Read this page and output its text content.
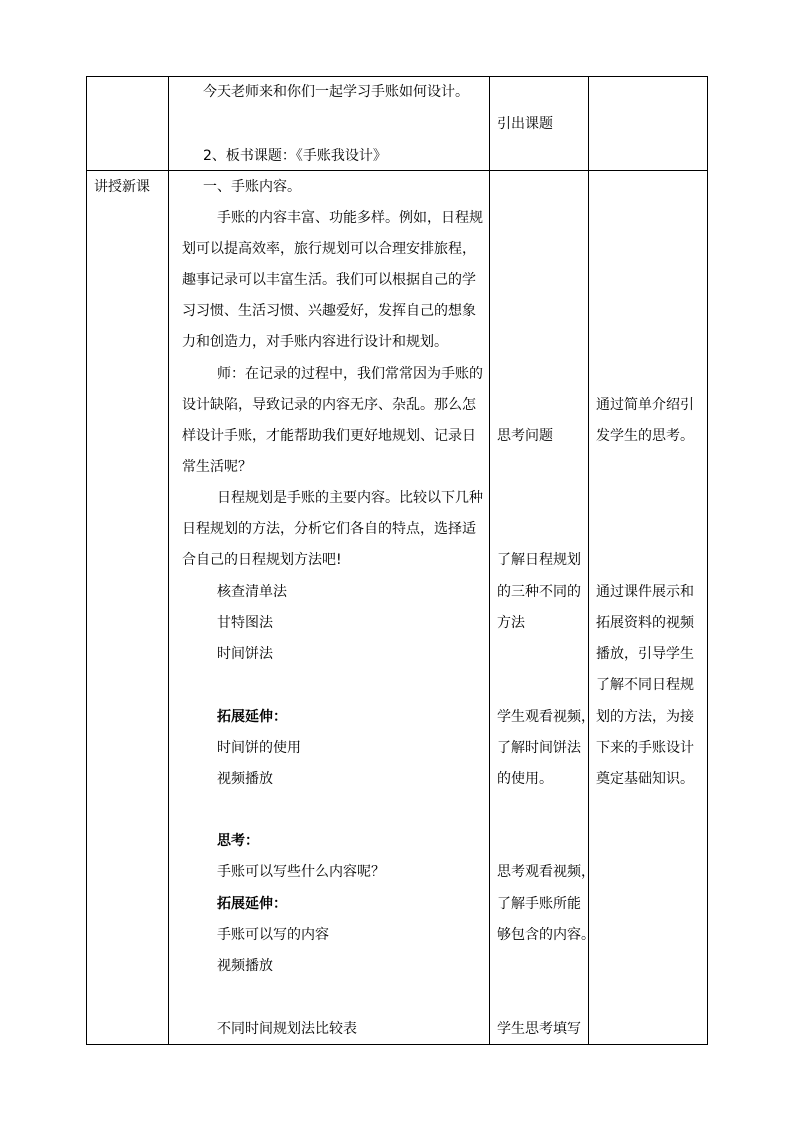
今天老师来和你们一起学习手账如何设计。
2、板书课题：《手账我设计》
引出课题
讲授新课	一、手账内容。
手账的内容丰富、功能多样。例如，日程规
划可以提高效率，旅行规划可以合理安排旅程，
趣事记录可以丰富生活。我们可以根据自己的学
习习惯、生活习惯、兴趣爱好，发挥自己的想象
力和创造力，对手账内容进行设计和规划。
师：在记录的过程中，我们常常因为手账的
设计缺陷，导致记录的内容无序、杂乱。那么怎
样设计手账，才能帮助我们更好地规划、记录日
常生活呢？
日程规划是手账的主要内容。比较以下几种
日程规划的方法，分析它们各自的特点，选择适
合自己的日程规划方法吧!
核查清单法
甘特图法
时间饼法
拓展延伸：
时间饼的使用
视频播放
思考：
手账可以写些什么内容呢？
拓展延伸：
手账可以写的内容
视频播放
不同时间规划法比较表
思考问题
了解日程规划
的三种不同的
方法
学生观看视频，
了解时间饼法
的使用。
思考观看视频，
了解手账所能
够包含的内容。
学生思考填写
通过简单介绍引
发学生的思考。
通过课件展示和
拓展资料的视频
播放，引导学生
了解不同日程规
划的方法，为接
下来的手账设计
奠定基础知识。
